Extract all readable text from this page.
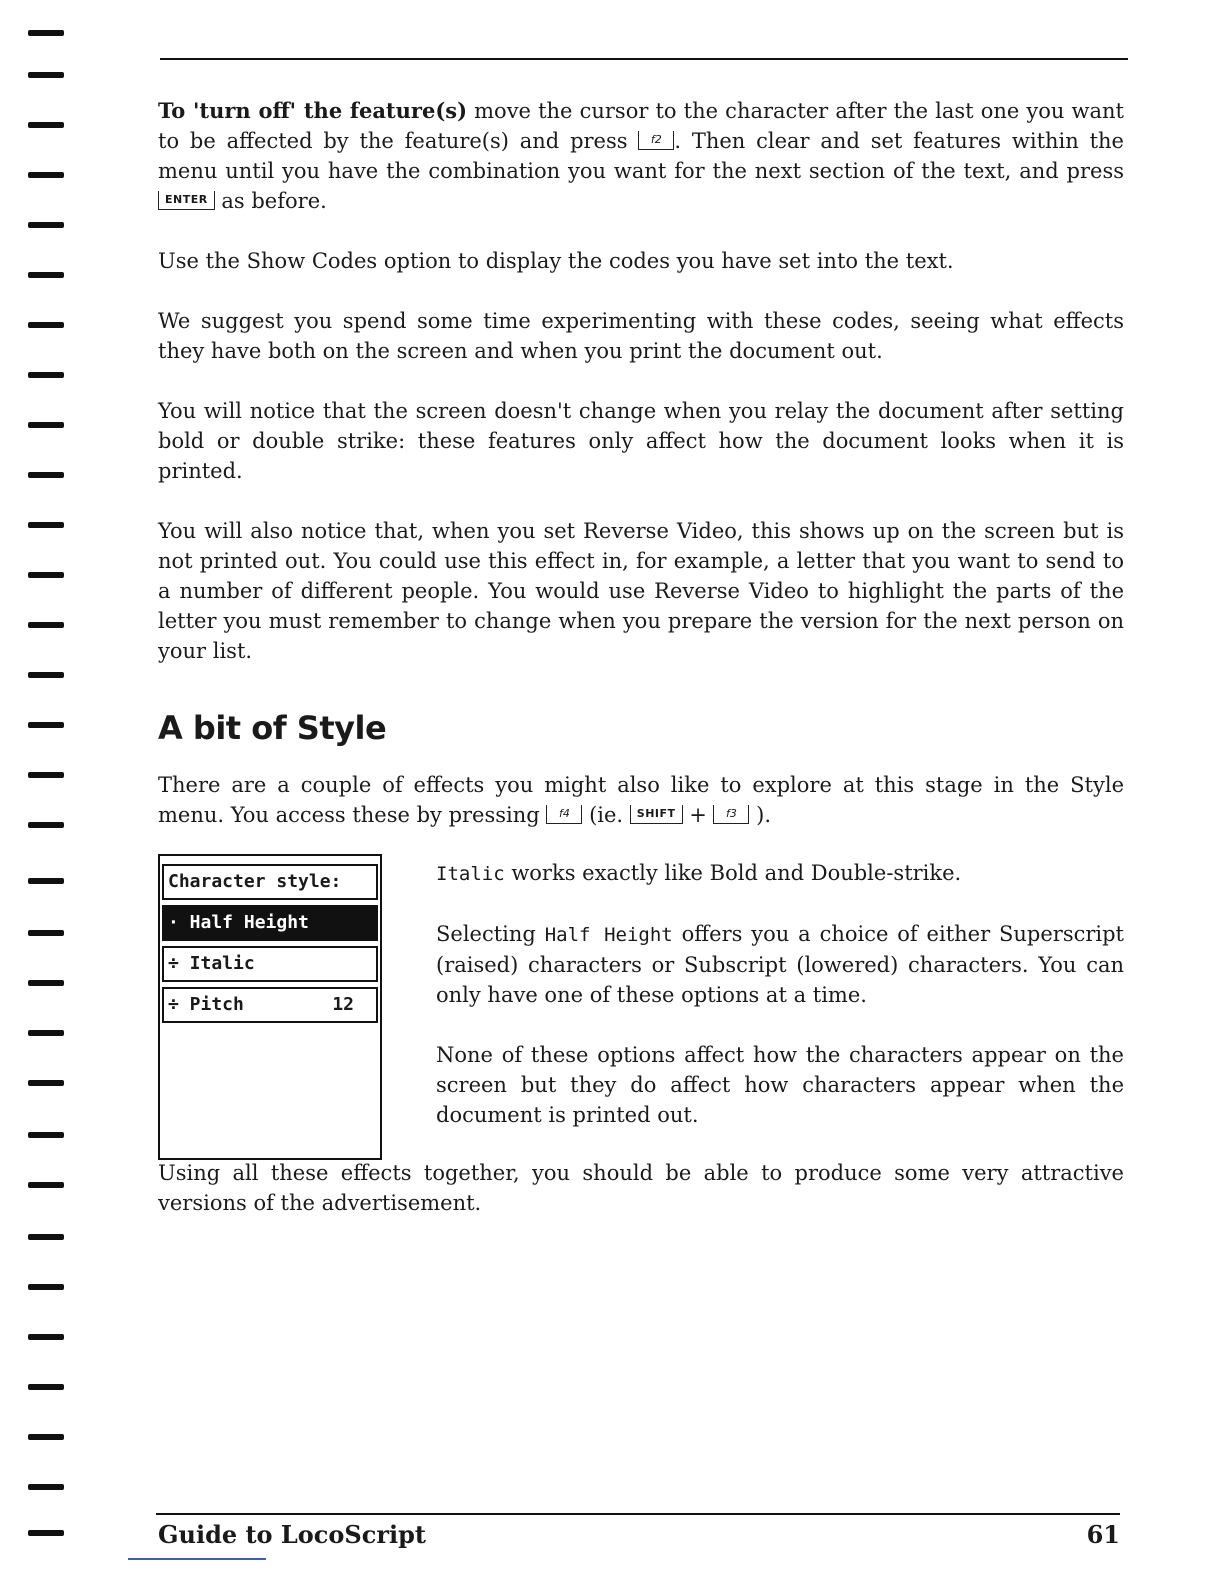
To 'turn off' the feature(s) move the cursor to the character after the last one you want to be affected by the feature(s) and press f2 . Then clear and set features within the menu until you have the combination you want for the next section of the text, and press ENTER as before.

Use the Show Codes option to display the codes you have set into the text.

We suggest you spend some time experimenting with these codes, seeing what effects they have both on the screen and when you print the document out.

You will notice that the screen doesn't change when you relay the document after setting bold or double strike: these features only affect how the document looks when it is printed.

You will also notice that, when you set Reverse Video, this shows up on the screen but is not printed out. You could use this effect in, for example, a letter that you want to send to a number of different people. You would use Reverse Video to highlight the parts of the letter you must remember to change when you prepare the version for the next person on your list.

A bit of Style

There are a couple of effects you might also like to explore at this stage in the Style menu. You access these by pressing f4 (ie. SHIFT + f3 ).

Character style:
· Half Height
÷ Italic
÷ Pitch	12

Italic works exactly like Bold and Double-strike.

Selecting Half Height offers you a choice of either Superscript (raised) characters or Subscript (lowered) characters. You can only have one of these options at a time.

None of these options affect how the characters appear on the screen but they do affect how characters appear when the document is printed out.

Using all these effects together, you should be able to produce some very attractive versions of the advertisement.

Guide to LocoScript	61
